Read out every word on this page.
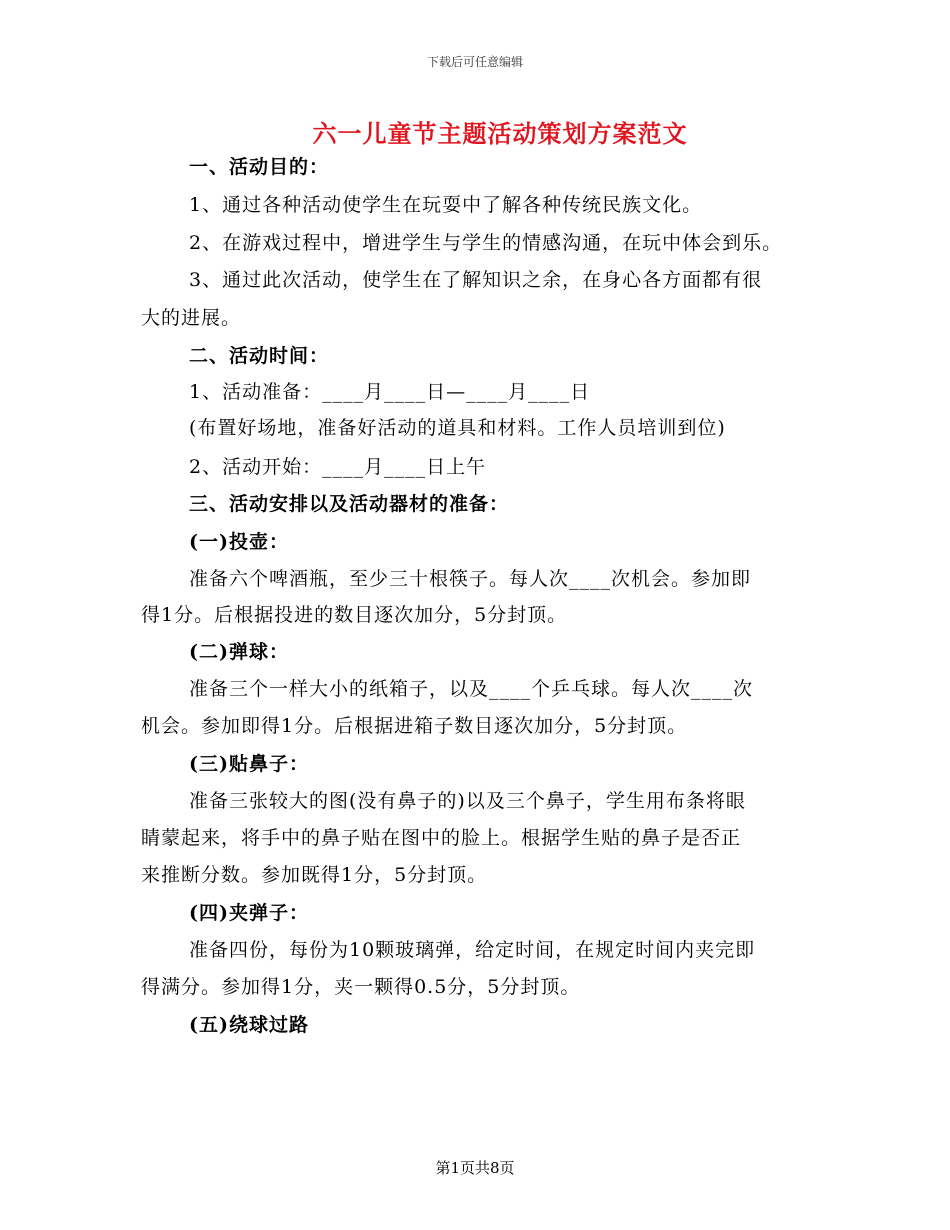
下载后可任意编辑
六一儿童节主题活动策划方案范文
一、活动目的：
1、通过各种活动使学生在玩耍中了解各种传统民族文化。
2、在游戏过程中，增进学生与学生的情感沟通，在玩中体会到乐。
3、通过此次活动，使学生在了解知识之余，在身心各方面都有很
大的进展。
二、活动时间：
1、活动准备：____月____日—____月____日
(布置好场地，准备好活动的道具和材料。工作人员培训到位)
2、活动开始：____月____日上午
三、活动安排以及活动器材的准备：
(一)投壶：
准备六个啤酒瓶，至少三十根筷子。每人次____次机会。参加即
得1分。后根据投进的数目逐次加分，5分封顶。
(二)弹球：
准备三个一样大小的纸箱子，以及____个乒乓球。每人次____次
机会。参加即得1分。后根据进箱子数目逐次加分，5分封顶。
(三)贴鼻子：
准备三张较大的图(没有鼻子的)以及三个鼻子，学生用布条将眼
睛蒙起来，将手中的鼻子贴在图中的脸上。根据学生贴的鼻子是否正
来推断分数。参加既得1分，5分封顶。
(四)夹弹子：
准备四份，每份为10颗玻璃弹，给定时间，在规定时间内夹完即
得满分。参加得1分，夹一颗得0.5分，5分封顶。
(五)绕球过路
第1页共8页
